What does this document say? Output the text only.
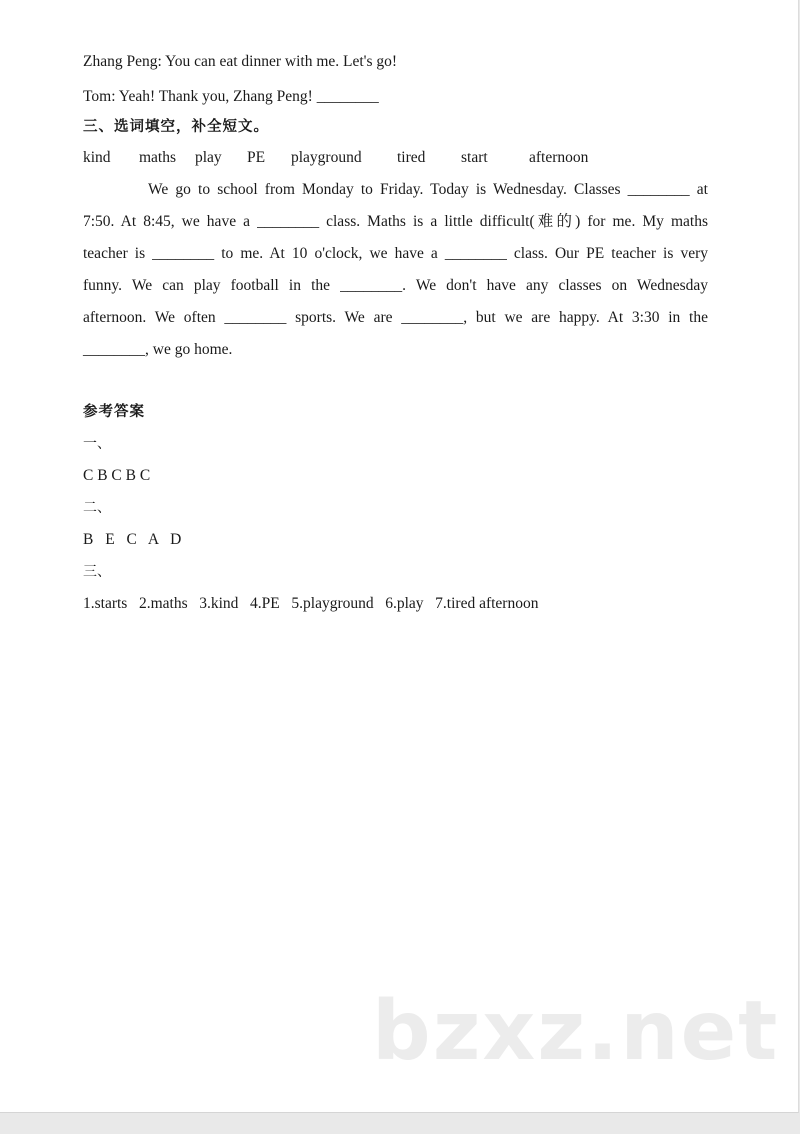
Zhang Peng: You can eat dinner with me. Let's go!
Tom: Yeah! Thank you, Zhang Peng! ________
三、选词填空，补全短文。
kind maths play PE playground tired start	afternoon
We go to school from Monday to Friday. Today is Wednesday. Classes ________ at
7:50. At 8:45, we have a ________ class. Maths is a little difficult(难的) for me. My maths
teacher is ________ to me. At 10 o'clock, we have a ________ class. Our PE teacher is very
funny. We can play football in the ________. We don't have any classes on Wednesday
afternoon. We often ________ sports. We are ________, but we are happy. At 3:30 in the
________, we go home.
参考答案
一、
C B C B C
二、
B E C A D
三、
1.starts   2.maths   3.kind   4.PE   5.playground   6.play   7.tired afternoon
bzxz.net
